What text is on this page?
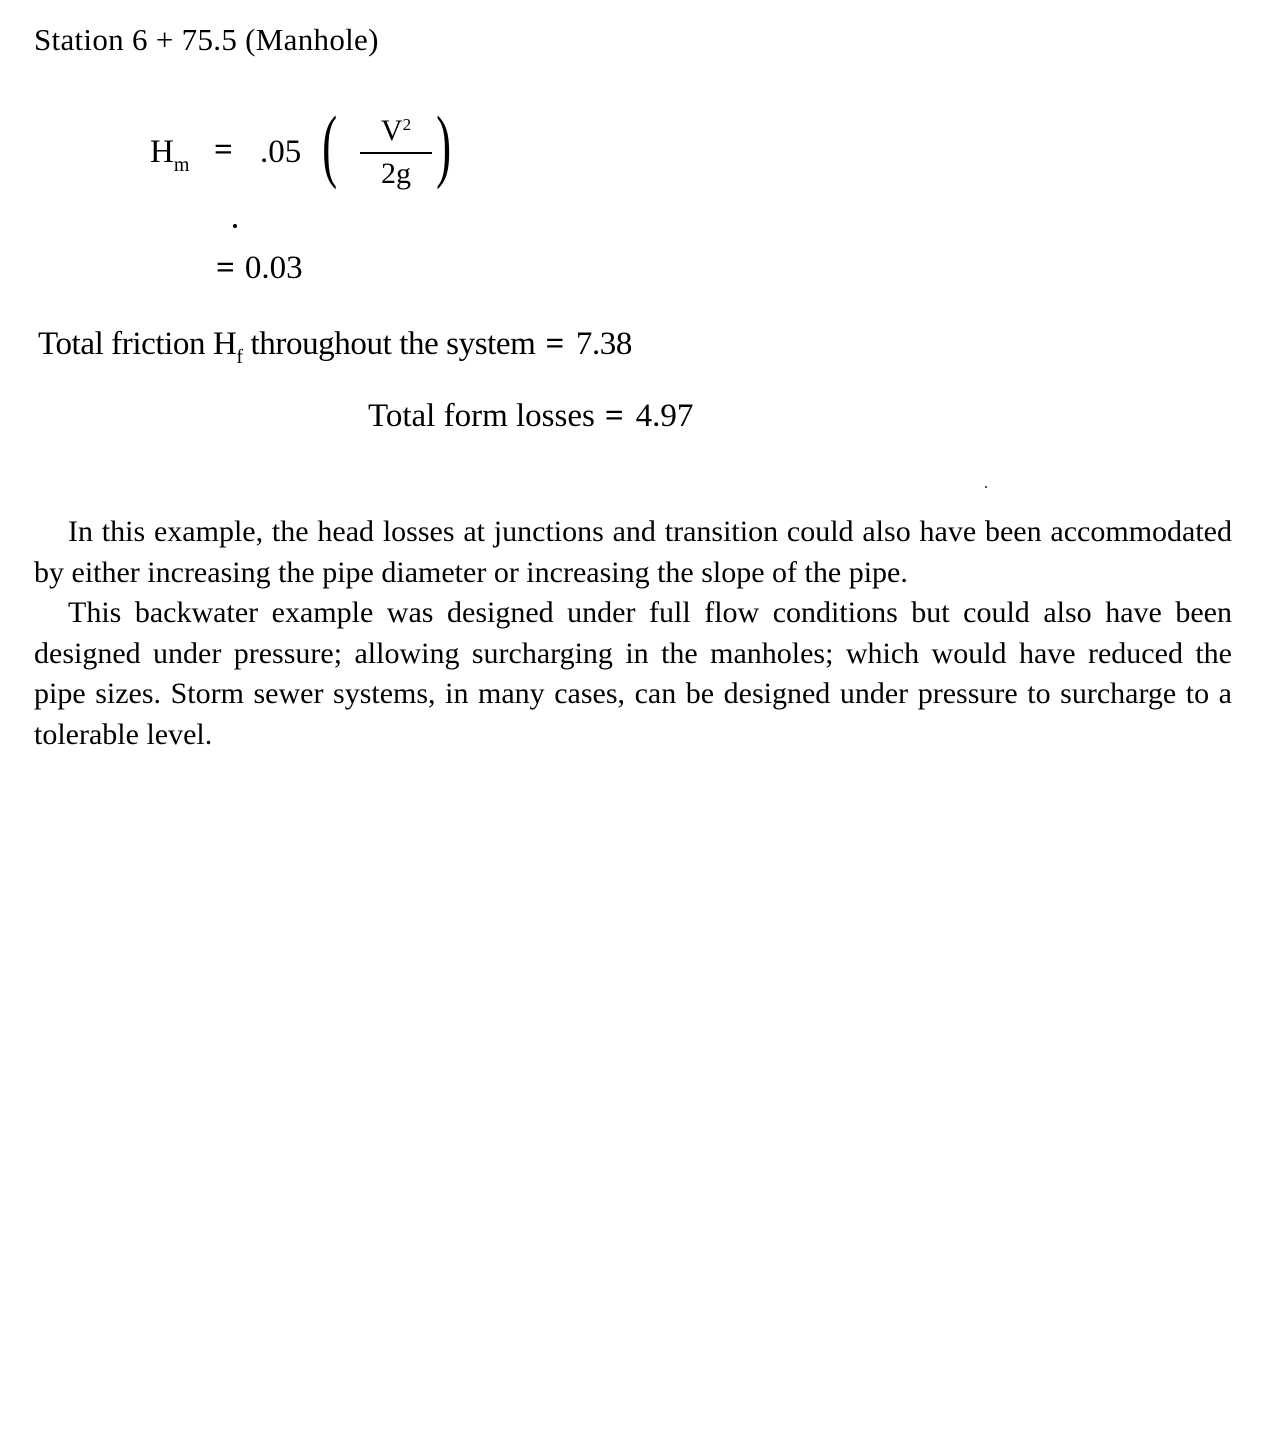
Station 6 + 75.5 (Manhole)
$H_m = .05$ (	$V^2$
2g )
= 0.03
Total friction $H_f$ throughout the system = 7.38
Total form losses = 4.97

In this example, the head losses at junctions and transition could also have been accommodated by either increasing the pipe diameter or increasing the slope of the pipe.

This backwater example was designed under full flow conditions but could also have been designed under pressure; allowing surcharging in the manholes; which would have reduced the pipe sizes. Storm sewer systems, in many cases, can be designed under pressure to surcharge to a tolerable level.
